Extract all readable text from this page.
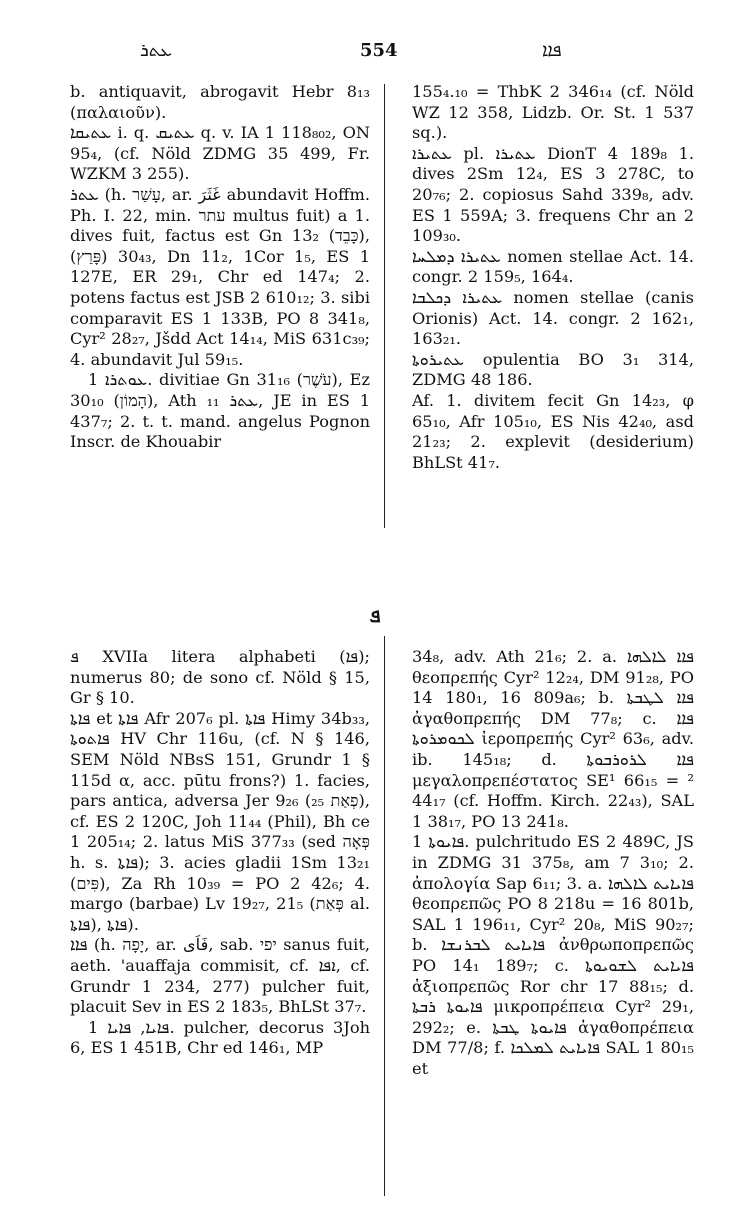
ܥܬܪ	554	ܦܐܐ

b. antiquavit, abrogavit Hebr 8₁₃ (παλαιοῦν).

ܥܬܝܩܐ i. q. ܥܬܝܩ q. v. IA 1 118₈₀₂, ON 95₄, (cf. Nöld ZDMG 35 499, Fr. WZKM 3 255).

ܥܬܪ (h. עָשַׁר, ar. غَثَرَ abundavit Hoffm. Ph. I. 22, min. עתר multus fuit) a 1. dives fuit, factus est Gn 13₂ (כָּבֵד), 30₄₃ (פָּרַץ), Dn 11₂, 1Cor 1₅, ES 1 127E, ER 29₁, Chr ed 147₄; 2. potens factus est JSB 2 610₁₂; 3. sibi comparavit ES 1 133B, PO 8 341₈, Cyr² 28₂₇, Jšdd Act 14₁₄, MiS 631c₃₉; 4. abundavit Jul 59₁₅.

ܥܘܬܪܐ 1. divitiae Gn 31₁₆ (עֹשֶׁר), Ez 30₁₀ (הָמוֹן), Ath ܥܬܪ ₁₁, JE in ES 1 437₇; 2. t. t. mand. angelus Pognon Inscr. de Khouabir

155₄.₁₀ = ThbK 2 346₁₄ (cf. Nöld WZ 12 358, Lidzb. Or. St. 1 537 sq.).

ܥܬܝܪܐ pl. ܥܬܝܪܐ DionT 4 189₈ 1. dives 2Sm 12₄, ES 3 278C, to 20₇₆; 2. copiosus Sahd 339₈, adv. ES 1 559A; 3. frequens Chr an 2 109₃₀.

ܥܬܝܪܐ ܕܡܠܚܐ nomen stellae Act. 14. congr. 2 159₅, 164₄.

ܥܬܝܪܐ ܕܟܠܒܐ nomen stellae (canis Orionis) Act. 14. congr. 2 162₁, 163₂₁.

ܥܬܝܪܘܬܐ opulentia BO 3₁ 314, ZDMG 48 186.

Af. 1. divitem fecit Gn 14₂₃, φ 65₁₀, Afr 105₁₀, ES Nis 42₄₀, asd 21₂₃; 2. explevit (desiderium) BhLSt 41₇.

ܦ

ܦ XVIIa litera alphabeti (ܦܐ); numerus 80; de sono cf. Nöld § 15, Gr § 10.

ܦܐܬܐ et ܦܐܬܐ Afr 207₆ pl. ܦܐܬܐ Himy 34b₃₃, ܦܐܬܘܬܐ HV Chr 116u, (cf. N § 146, SEM Nöld NBsS 151, Grundr 1 § 115d α, acc. pūtu frons?) 1. facies, pars antica, adversa Jer 9₂₆ (₂₅ פְאַת), cf. ES 2 120C, Joh 11₄₄ (Phil), Bh ce 1 205₁₄; 2. latus MiS 377₃₃ (sed פְּאָה h. s. ܦܐܬܐ); 3. acies gladii 1Sm 13₂₁ (פִּים), Za Rh 10₃₉ = PO 2 42₆; 4. margo (barbae) Lv 19₂₇, 21₅ (פְּאַת al. ܦܐܬܐ), ܦܐܬܐ).

ܦܐܐ (h. יָפָה, ar. فَاَى, sab. יפי sanus fuit, aeth. 'auaffaja commisit, cf. ܐܦܐ, cf. Grundr 1 234, 277) pulcher fuit, placuit Sev in ES 2 183₅, BhLSt 37₇.

ܦܐܝܐ, ܦܐܝܐ 1. pulcher, decorus 3Joh 6, ES 1 451B, Chr ed 146₁, MP

34₈, adv. Ath 21₆; 2. a. ܦܐܐ ܠܐܠܗܐ θεοπρεπής Cyr² 12₂₄, DM 91₂₈, PO 14 180₁, 16 809a₆; b. ܦܐܐ ܠܛܒܬܐ ἀγαθοπρεπής DM 77₈; c. ܦܐܐ ܠܟܘܡܪܘܬܐ ἱεροπρεπής Cyr² 63₆, adv. ib. 145₁₈; d. ܦܐܐ ܠܪܘܪܒܘܬܐ μεγαλοπρεπέστατος SE¹ 66₁₅ = ² 44₁₇ (cf. Hoffm. Kirch. 22₄₃), SAL 1 38₁₇, PO 13 241₈.

ܦܐܝܘܬܐ 1. pulchritudo ES 2 489C, JS in ZDMG 31 375₈, am 7 3₁₀; 2. ἀπολογία Sap 6₁₁; 3. a. ܦܐܝܐܝܬ ܠܐܠܗܐ θεοπρεπῶς PO 8 218u = 16 801b, SAL 1 196₁₁, Cyr² 20₈, MiS 90₂₇; b. ܦܐܝܐܝܬ ܠܒܪܢܫܐ ἀνθρωποπρεπῶς PO 14₁ 189₇; c. ܦܐܝܐܝܬ ܠܫܘܝܘܬܐ ἀξιοπρεπῶς Ror chr 17 88₁₅; d. ܦܐܝܘܬܐ ܪܒܬܐ μικροπρέπεια Cyr² 29₁, 292₂; e. ܦܐܝܘܬܐ ܛܒܬܐ ἀγαθοπρέπεια DM 77/8; f. ܦܐܝܐܝܬ ܠܡܠܟܐ SAL 1 80₁₅ et
